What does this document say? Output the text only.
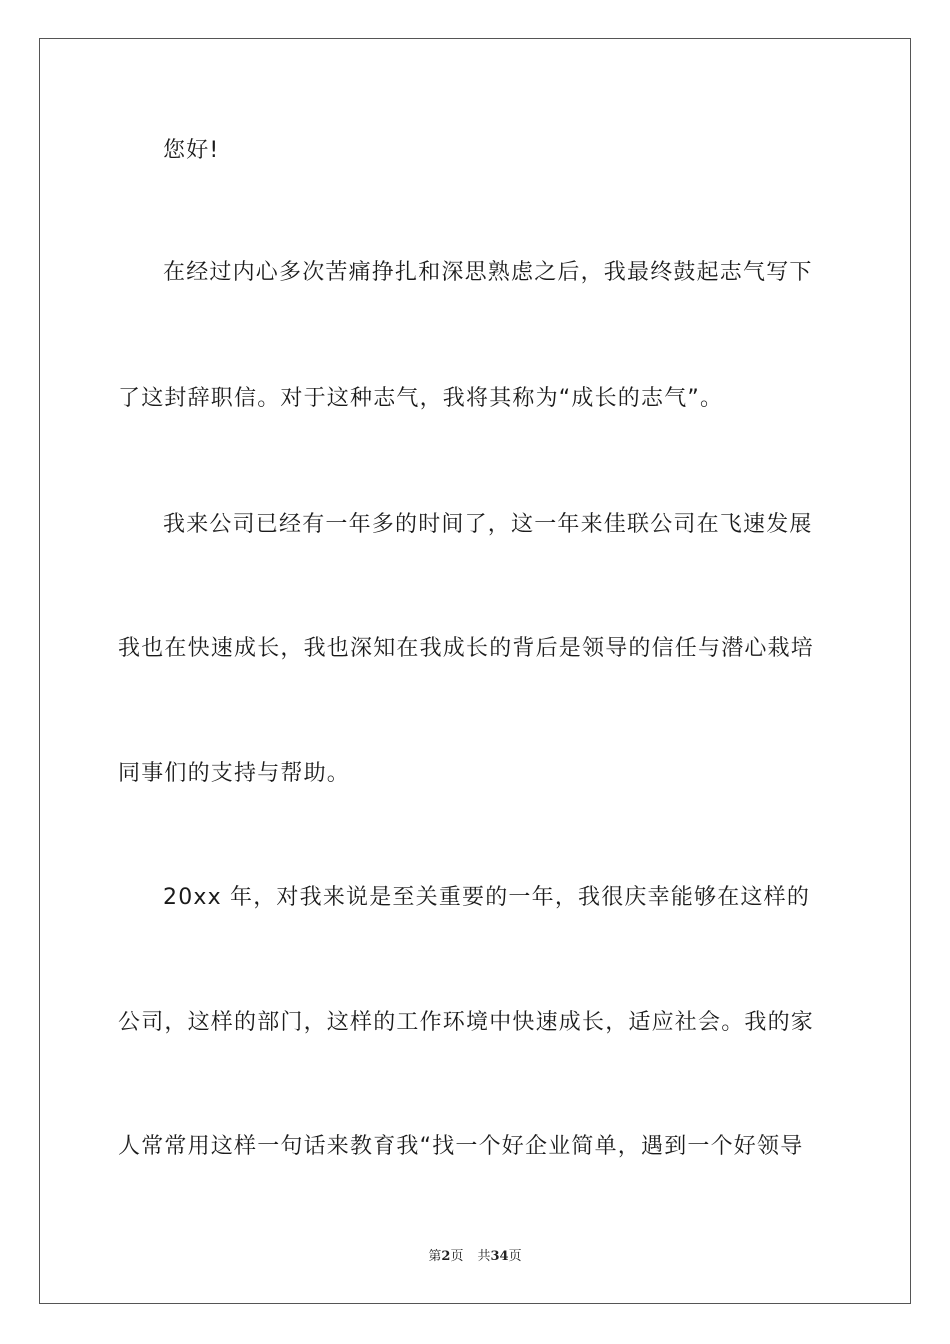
您好!
在经过内心多次苦痛挣扎和深思熟虑之后，我最终鼓起志气写下
了这封辞职信。对于这种志气，我将其称为“成长的志气”。
我来公司已经有一年多的时间了，这一年来佳联公司在飞速发展
我也在快速成长，我也深知在我成长的背后是领导的信任与潜心栽培
同事们的支持与帮助。
20xx 年，对我来说是至关重要的一年，我很庆幸能够在这样的
公司，这样的部门，这样的工作环境中快速成长，适应社会。我的家
人常常用这样一句话来教育我“找一个好企业简单，遇到一个好领导
第2页 共34页
